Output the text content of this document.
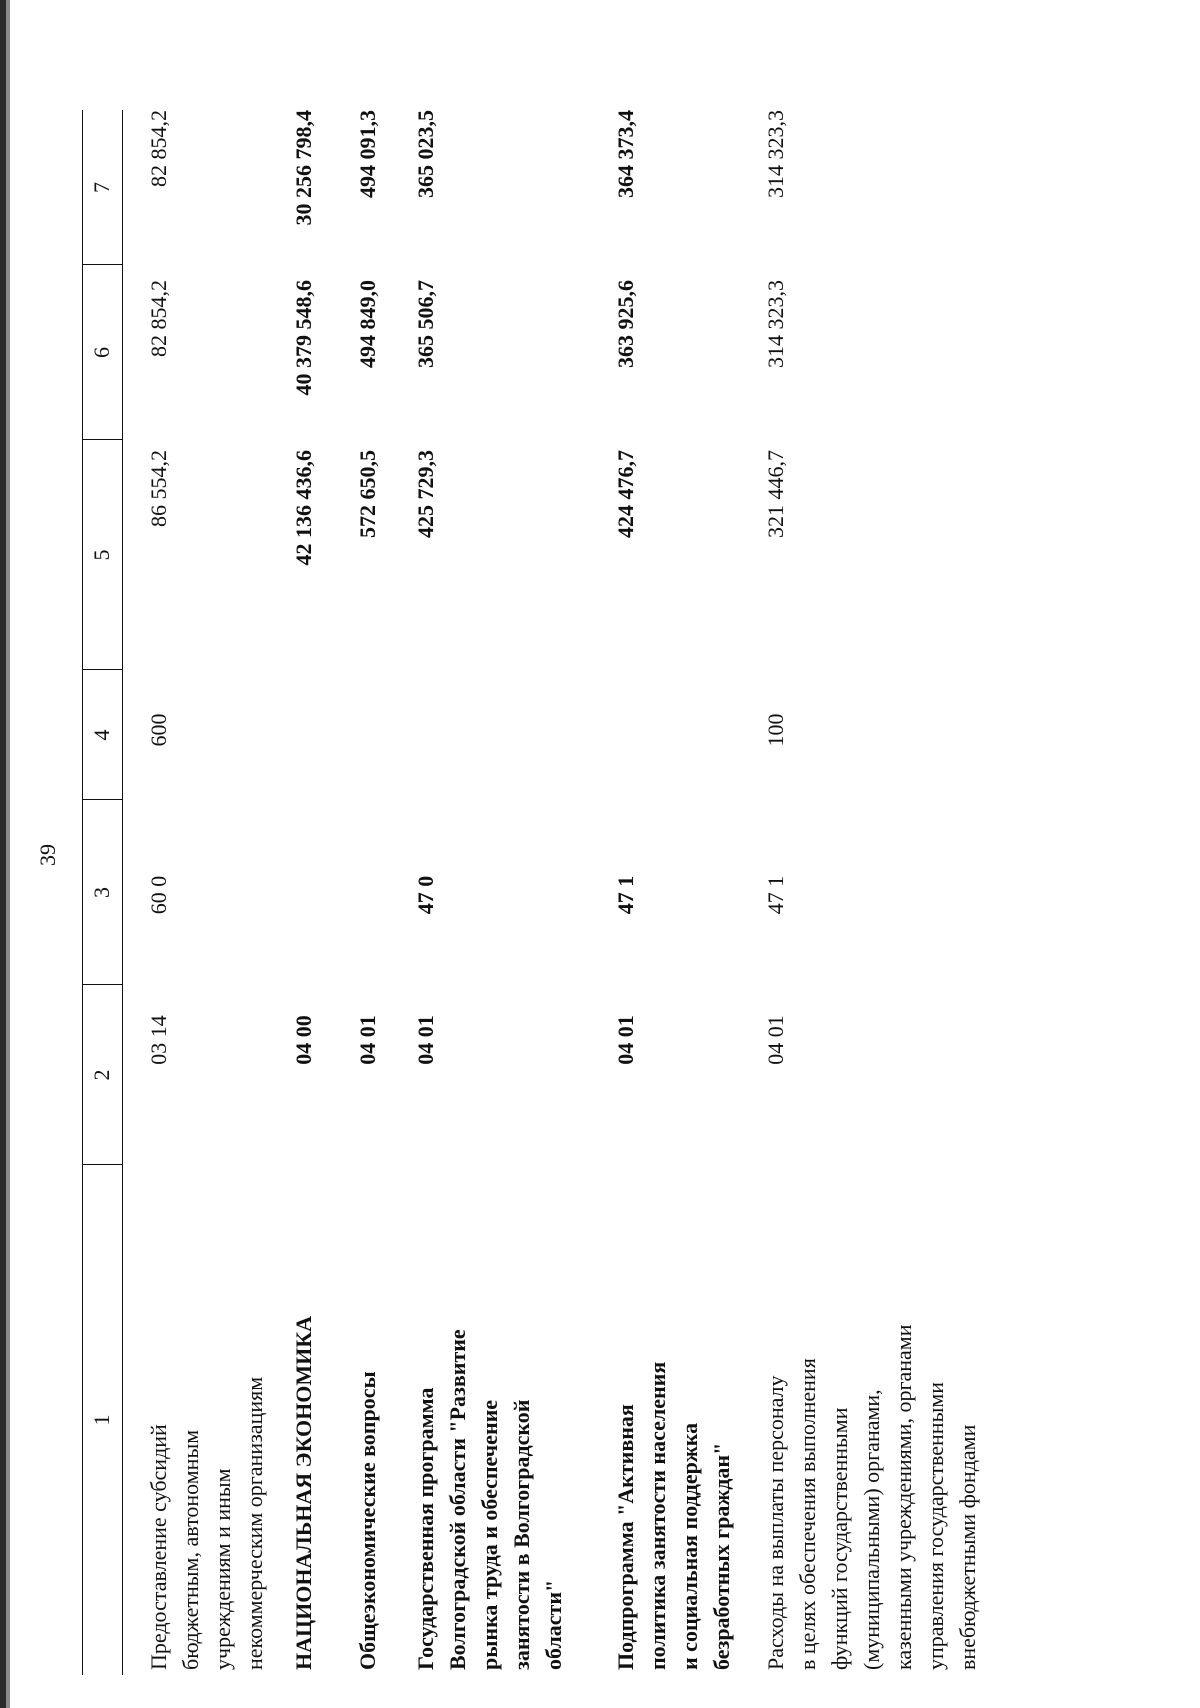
39
1
2
3
4
5
6
7
Предоставление субсидий бюджетным, автономным учреждениям и иным некоммерческим организациям
03 14
60 0
600
86 554,2
82 854,2
82 854,2
НАЦИОНАЛЬНАЯ ЭКОНОМИКА
04 00
42 136 436,6
40 379 548,6
30 256 798,4
Общеэкономические вопросы
04 01
572 650,5
494 849,0
494 091,3
Государственная программа Волгоградской области "Развитие рынка труда и обеспечение занятости в Волгоградской области"
04 01
47 0
425 729,3
365 506,7
365 023,5
Подпрограмма "Активная политика занятости населения и социальная поддержка безработных граждан"
04 01
47 1
424 476,7
363 925,6
364 373,4
Расходы на выплаты персоналу в целях обеспечения выполнения функций государственными (муниципальными) органами, казенными учреждениями, органами управления государственными внебюджетными фондами
04 01
47 1
100
321 446,7
314 323,3
314 323,3
